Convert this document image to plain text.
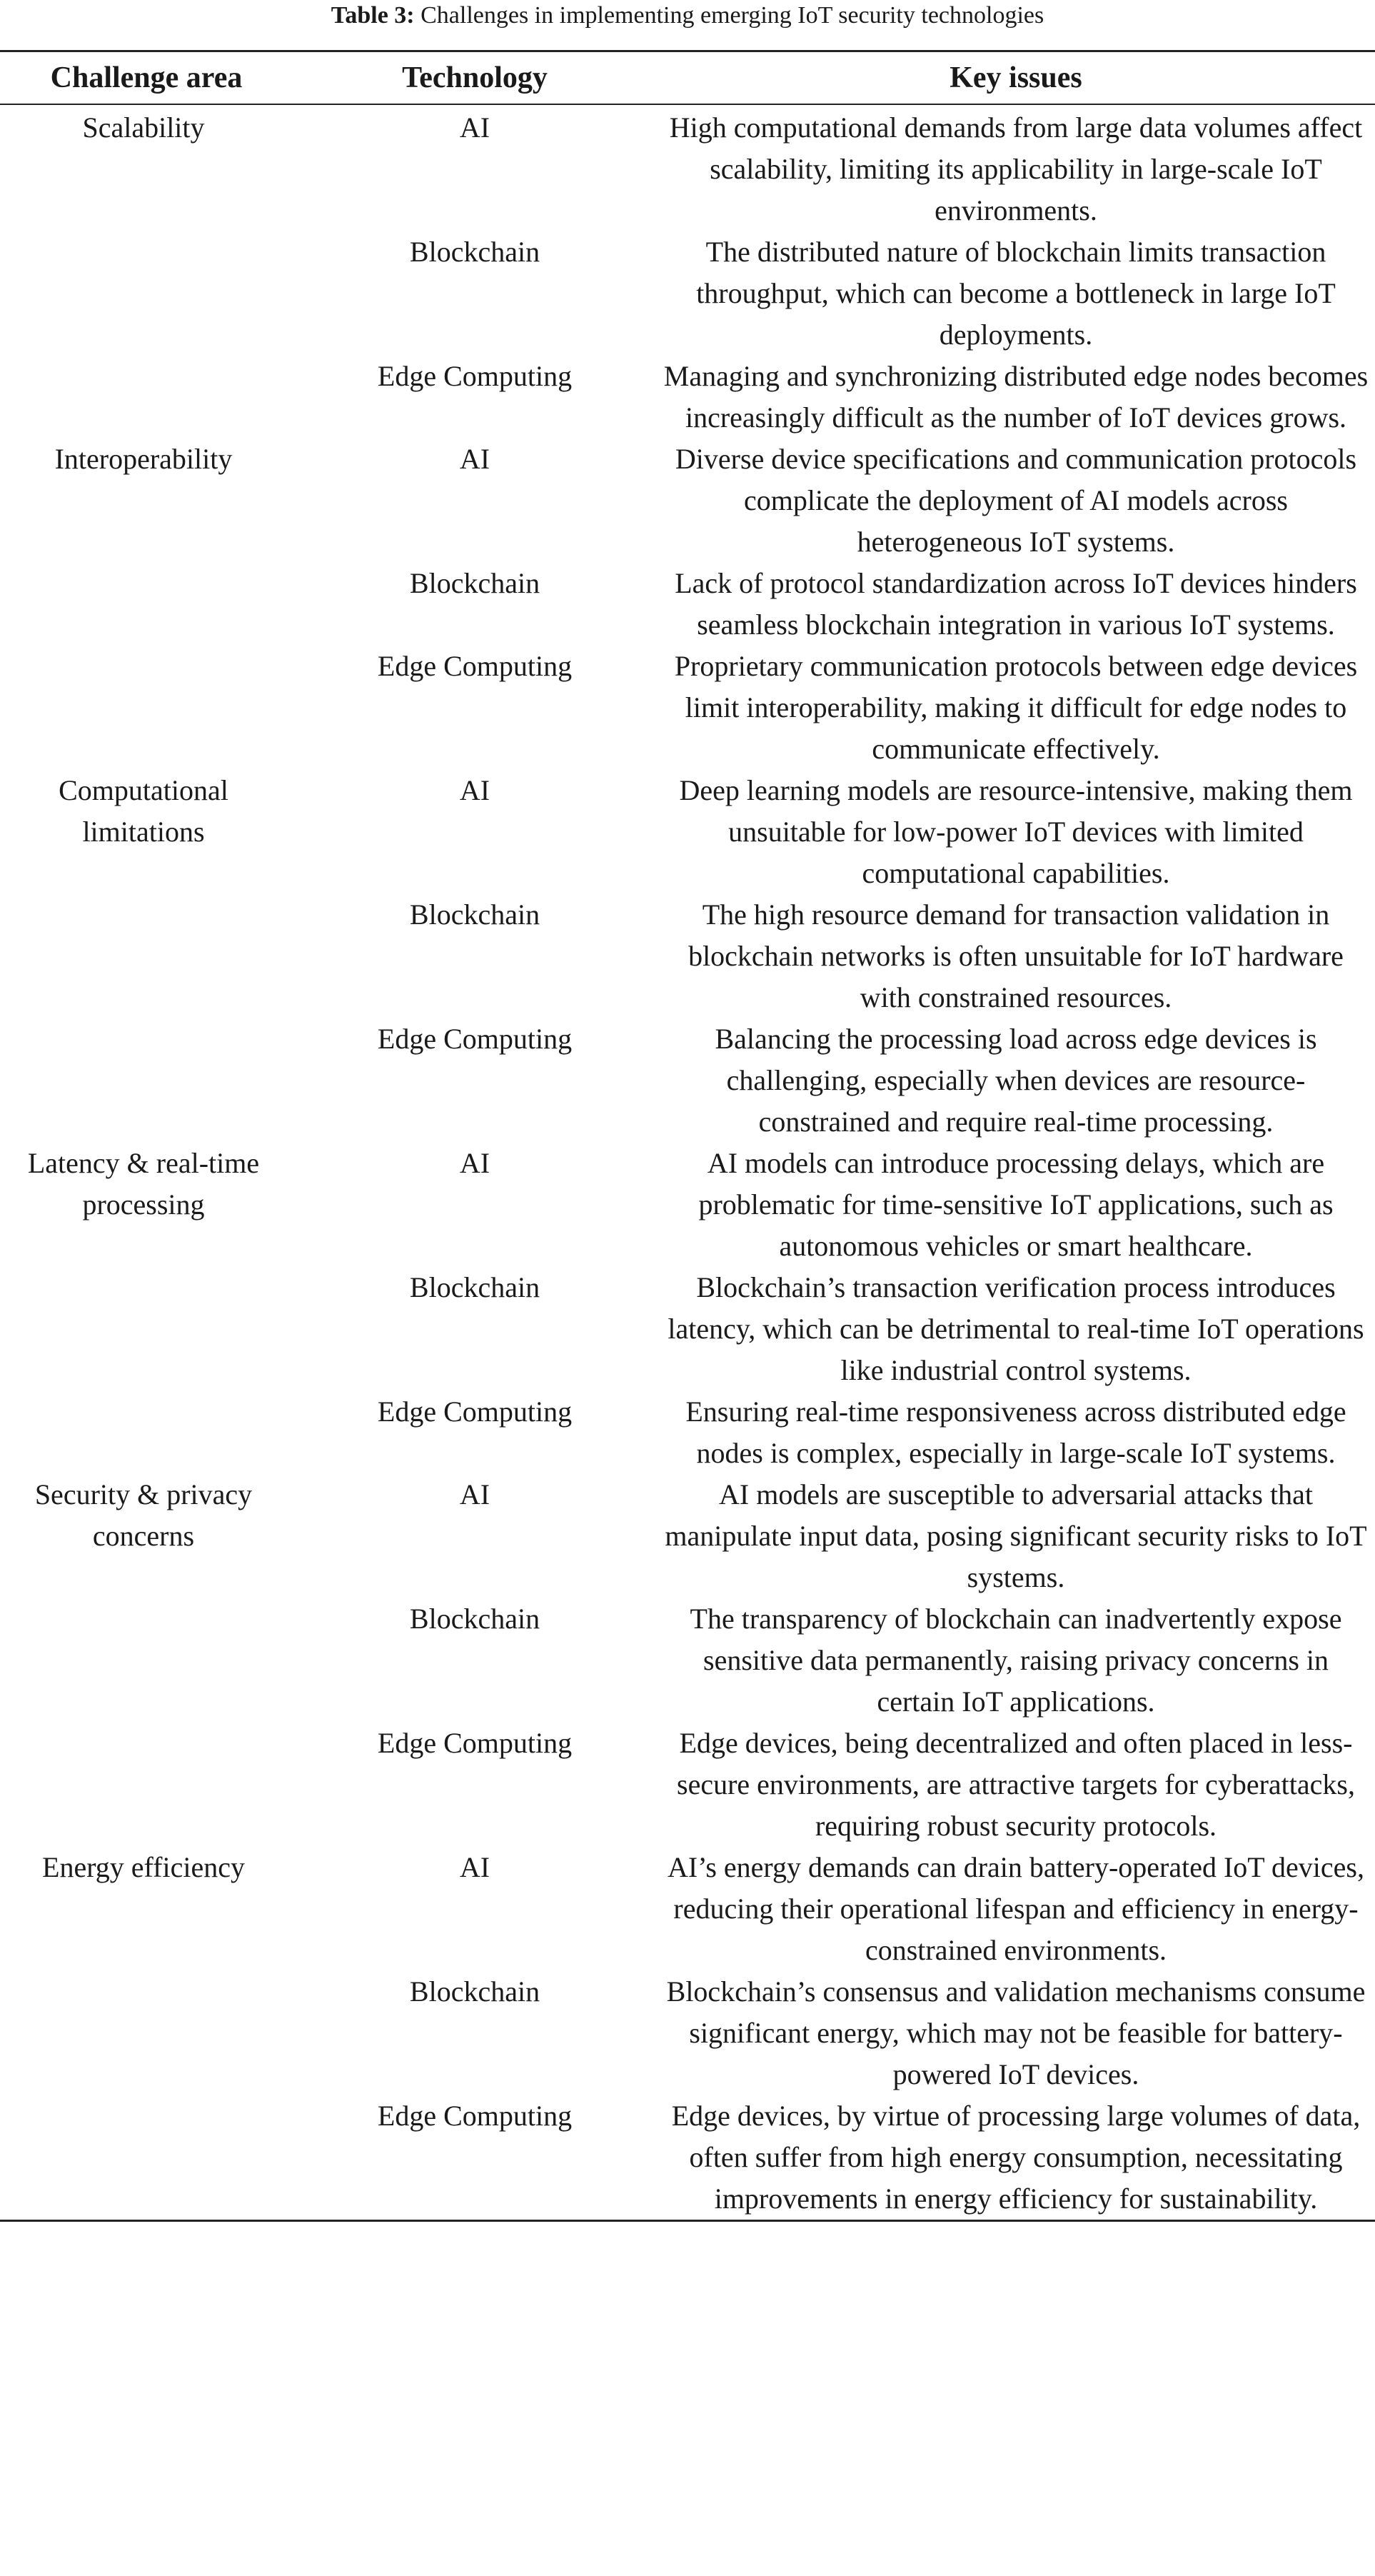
Table 3: Challenges in implementing emerging IoT security technologies
Challenge area	Technology	Key issues
Scalability	AI	High computational demands from large data volumes affect scalability, limiting its applicability in large-scale IoT environments.
	Blockchain	The distributed nature of blockchain limits transaction throughput, which can become a bottleneck in large IoT deployments.
	Edge Computing	Managing and synchronizing distributed edge nodes becomes increasingly difficult as the number of IoT devices grows.
Interoperability	AI	Diverse device specifications and communication protocols complicate the deployment of AI models across heterogeneous IoT systems.
	Blockchain	Lack of protocol standardization across IoT devices hinders seamless blockchain integration in various IoT systems.
	Edge Computing	Proprietary communication protocols between edge devices limit interoperability, making it difficult for edge nodes to communicate effectively.
Computational limitations	AI	Deep learning models are resource-intensive, making them unsuitable for low-power IoT devices with limited computational capabilities.
	Blockchain	The high resource demand for transaction validation in blockchain networks is often unsuitable for IoT hardware with constrained resources.
	Edge Computing	Balancing the processing load across edge devices is challenging, especially when devices are resource-constrained and require real-time processing.
Latency & real-time processing	AI	AI models can introduce processing delays, which are problematic for time-sensitive IoT applications, such as autonomous vehicles or smart healthcare.
	Blockchain	Blockchain’s transaction verification process introduces latency, which can be detrimental to real-time IoT operations like industrial control systems.
	Edge Computing	Ensuring real-time responsiveness across distributed edge nodes is complex, especially in large-scale IoT systems.
Security & privacy concerns	AI	AI models are susceptible to adversarial attacks that manipulate input data, posing significant security risks to IoT systems.
	Blockchain	The transparency of blockchain can inadvertently expose sensitive data permanently, raising privacy concerns in certain IoT applications.
	Edge Computing	Edge devices, being decentralized and often placed in less-secure environments, are attractive targets for cyberattacks, requiring robust security protocols.
Energy efficiency	AI	AI’s energy demands can drain battery-operated IoT devices, reducing their operational lifespan and efficiency in energy-constrained environments.
	Blockchain	Blockchain’s consensus and validation mechanisms consume significant energy, which may not be feasible for battery-powered IoT devices.
	Edge Computing	Edge devices, by virtue of processing large volumes of data, often suffer from high energy consumption, necessitating improvements in energy efficiency for sustainability.
